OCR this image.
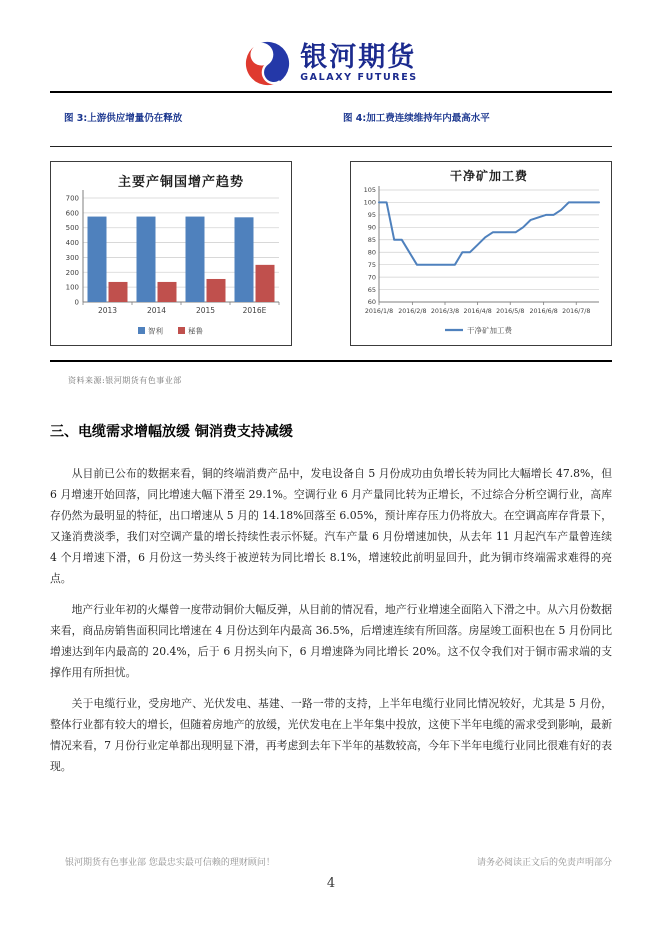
银河期货
GALAXY FUTURES
图 3:上游供应增量仍在释放	图 4:加工费连续维持年内最高水平
主要产铜国增产趋势
0
100
200
300
400
500
600
700
2013	2014	2015	2016E
智利	秘鲁
干净矿加工费
60
65
70
75
80
85
90
95
100
105
2016/1/8 2016/2/8 2016/3/8 2016/4/8 2016/5/8 2016/6/8 2016/7/8
干净矿加工费
资料来源:银河期货有色事业部
三、电缆需求增幅放缓 铜消费支持减缓

从目前已公布的数据来看，铜的终端消费产品中，发电设备自 5 月份成功由负增长转为同比大幅增长 47.8%，但 6 月增速开始回落，同比增速大幅下滑至 29.1%。空调行业 6 月产量同比转为正增长，不过综合分析空调行业，高库存仍然为最明显的特征，出口增速从 5 月的 14.18%回落至 6.05%，预计库存压力仍将放大。在空调高库存背景下，又逢消费淡季，我们对空调产量的增长持续性表示怀疑。汽车产量 6 月份增速加快，从去年 11 月起汽车产量曾连续 4 个月增速下滑，6 月份这一势头终于被逆转为同比增长 8.1%，增速较此前明显回升，此为铜市终端需求难得的亮点。

地产行业年初的火爆曾一度带动铜价大幅反弹，从目前的情况看，地产行业增速全面陷入下滑之中。从六月份数据来看，商品房销售面积同比增速在 4 月份达到年内最高 36.5%，后增速连续有所回落。房屋竣工面积也在 5 月份同比增速达到年内最高的 20.4%，后于 6 月拐头向下，6 月增速降为同比增长 20%。这不仅令我们对于铜市需求端的支撑作用有所担忧。

关于电缆行业，受房地产、光伏发电、基建、一路一带的支持，上半年电缆行业同比情况较好，尤其是 5 月份，整体行业都有较大的增长，但随着房地产的放缓，光伏发电在上半年集中投放，这使下半年电缆的需求受到影响，最新情况来看，7 月份行业定单都出现明显下滑，再考虑到去年下半年的基数较高，今年下半年电缆行业同比很难有好的表现。

银河期货有色事业部 您最忠实最可信赖的理财顾问！	请务必阅读正文后的免责声明部分
4
